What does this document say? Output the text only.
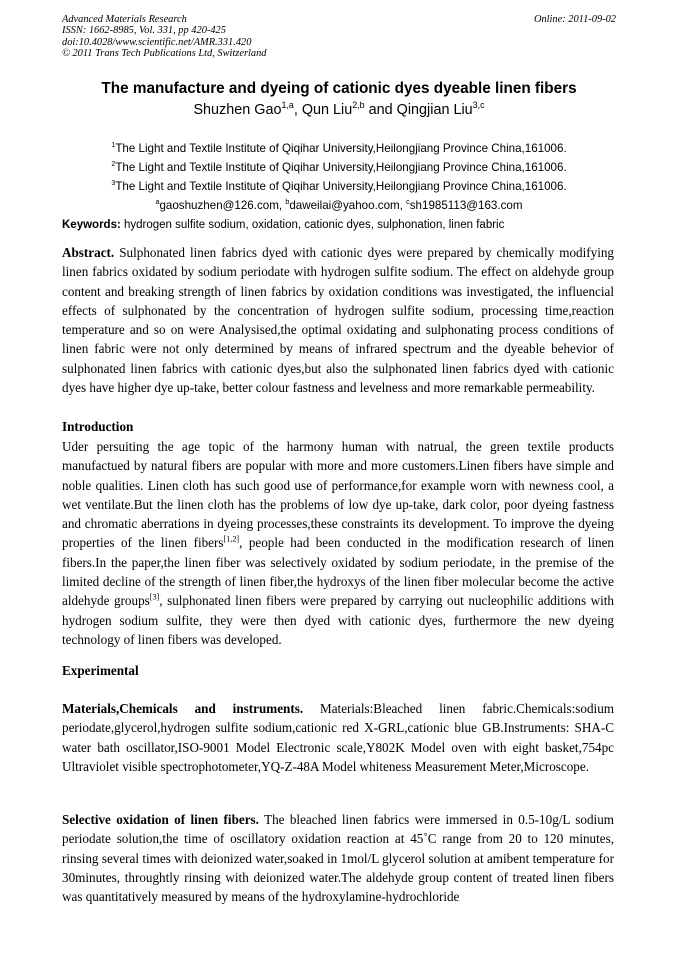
Advanced Materials Research
ISSN: 1662-8985, Vol. 331, pp 420-425
doi:10.4028/www.scientific.net/AMR.331.420
© 2011 Trans Tech Publications Ltd, Switzerland
Online: 2011-09-02
The manufacture and dyeing of cationic dyes dyeable linen fibers
Shuzhen Gao$^{1,a}$, Qun Liu$^{2,b}$ and Qingjian Liu$^{3,c}$
$^1$The Light and Textile Institute of Qiqihar University,Heilongjiang Province China,161006.
$^2$The Light and Textile Institute of Qiqihar University,Heilongjiang Province China,161006.
$^3$The Light and Textile Institute of Qiqihar University,Heilongjiang Province China,161006.
$^a$gaoshuzhen@126.com, $^b$daweilai@yahoo.com, $^c$sh1985113@163.com
Keywords: hydrogen sulfite sodium, oxidation, cationic dyes, sulphonation, linen fabric
Abstract. Sulphonated linen fabrics dyed with cationic dyes were prepared by chemically modifying linen fabrics oxidated by sodium periodate with hydrogen sulfite sodium. The effect on aldehyde group content and breaking strength of linen fabrics by oxidation conditions was investigated, the influencial effects of sulphonated by the concentration of hydrogen sulfite sodium, processing time,reaction temperature and so on were Analysised,the optimal oxidating and sulphonating process conditions of linen fabric were not only determined by means of infrared spectrum and the dyeable behevior of sulphonated linen fabrics with cationic dyes,but also the sulphonated linen fabrics dyed with cationic dyes have higher dye up-take, better colour fastness and levelness and more remarkable permeability.
Introduction
Uder persuiting the age topic of the harmony human with natrual, the green textile products manufactued by natural fibers are popular with more and more customers.Linen fibers have simple and noble qualities. Linen cloth has such good use of performance,for example worn with newness cool, a wet ventilate.But the linen cloth has the problems of low dye up-take, dark color, poor dyeing fastness and chromatic aberrations in dyeing processes,these constraints its development. To improve the dyeing properties of the linen fibers[1,2], people had been conducted in the modification research of linen fibers.In the paper,the linen fiber was selectively oxidated by sodium periodate, in the premise of the limited decline of the strength of linen fiber,the hydroxys of the linen fiber molecular become the active aldehyde groups[3], sulphonated linen fibers were prepared by carrying out nucleophilic additions with hydrogen sodium sulfite, they were then dyed with cationic dyes, furthermore the new dyeing technology of linen fibers was developed.
Experimental
Materials,Chemicals and instruments. Materials:Bleached linen fabric.Chemicals:sodium periodate,glycerol,hydrogen sulfite sodium,cationic red X-GRL,cationic blue GB.Instruments: SHA-C water bath oscillator,ISO-9001 Model Electronic scale,Y802K Model oven with eight basket,754pc Ultraviolet visible spectrophotometer,YQ-Z-48A Model whiteness Measurement Meter,Microscope.
Selective oxidation of linen fibers. The bleached linen fabrics were immersed in 0.5-10g/L sodium periodate solution,the time of oscillatory oxidation reaction at 45˚C range from 20 to 120 minutes, rinsing several times with deionized water,soaked in 1mol/L glycerol solution at amibent temperature for 30minutes, throughtly rinsing with deionized water.The aldehyde group content of treated linen fibers was quantitatively measured by means of the hydroxylamine-hydrochloride
